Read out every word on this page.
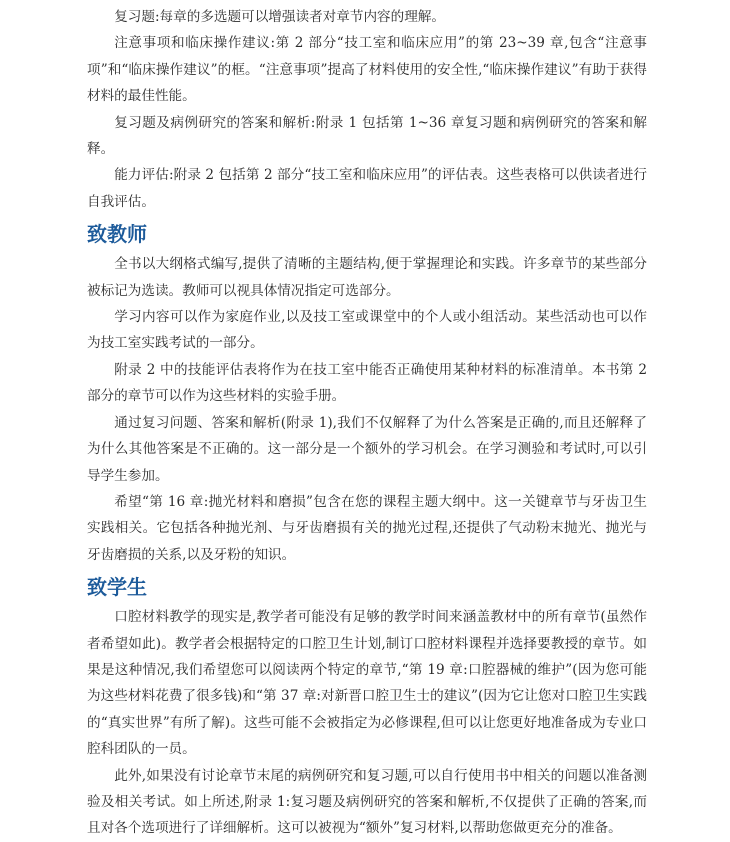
复习题:每章的多选题可以增强读者对章节内容的理解。

注意事项和临床操作建议:第 2 部分“技工室和临床应用”的第 23~39 章,包含“注意事项”和“临床操作建议”的框。“注意事项”提高了材料使用的安全性,“临床操作建议”有助于获得材料的最佳性能。

复习题及病例研究的答案和解析:附录 1 包括第 1~36 章复习题和病例研究的答案和解释。

能力评估:附录 2 包括第 2 部分“技工室和临床应用”的评估表。这些表格可以供读者进行自我评估。

致教师

全书以大纲格式编写,提供了清晰的主题结构,便于掌握理论和实践。许多章节的某些部分被标记为选读。教师可以视具体情况指定可选部分。

学习内容可以作为家庭作业,以及技工室或课堂中的个人或小组活动。某些活动也可以作为技工室实践考试的一部分。

附录 2 中的技能评估表将作为在技工室中能否正确使用某种材料的标准清单。本书第 2 部分的章节可以作为这些材料的实验手册。

通过复习问题、答案和解析(附录 1),我们不仅解释了为什么答案是正确的,而且还解释了为什么其他答案是不正确的。这一部分是一个额外的学习机会。在学习测验和考试时,可以引导学生参加。

希望“第 16 章:抛光材料和磨损”包含在您的课程主题大纲中。这一关键章节与牙齿卫生实践相关。它包括各种抛光剂、与牙齿磨损有关的抛光过程,还提供了气动粉末抛光、抛光与牙齿磨损的关系,以及牙粉的知识。

致学生

口腔材料教学的现实是,教学者可能没有足够的教学时间来涵盖教材中的所有章节(虽然作者希望如此)。教学者会根据特定的口腔卫生计划,制订口腔材料课程并选择要教授的章节。如果是这种情况,我们希望您可以阅读两个特定的章节,“第 19 章:口腔器械的维护”(因为您可能为这些材料花费了很多钱)和“第 37 章:对新晋口腔卫生士的建议”(因为它让您对口腔卫生实践的“真实世界”有所了解)。这些可能不会被指定为必修课程,但可以让您更好地准备成为专业口腔科团队的一员。

此外,如果没有讨论章节末尾的病例研究和复习题,可以自行使用书中相关的问题以准备测验及相关考试。如上所述,附录 1:复习题及病例研究的答案和解析,不仅提供了正确的答案,而且对各个选项进行了详细解析。这可以被视为“额外”复习材料,以帮助您做更充分的准备。
